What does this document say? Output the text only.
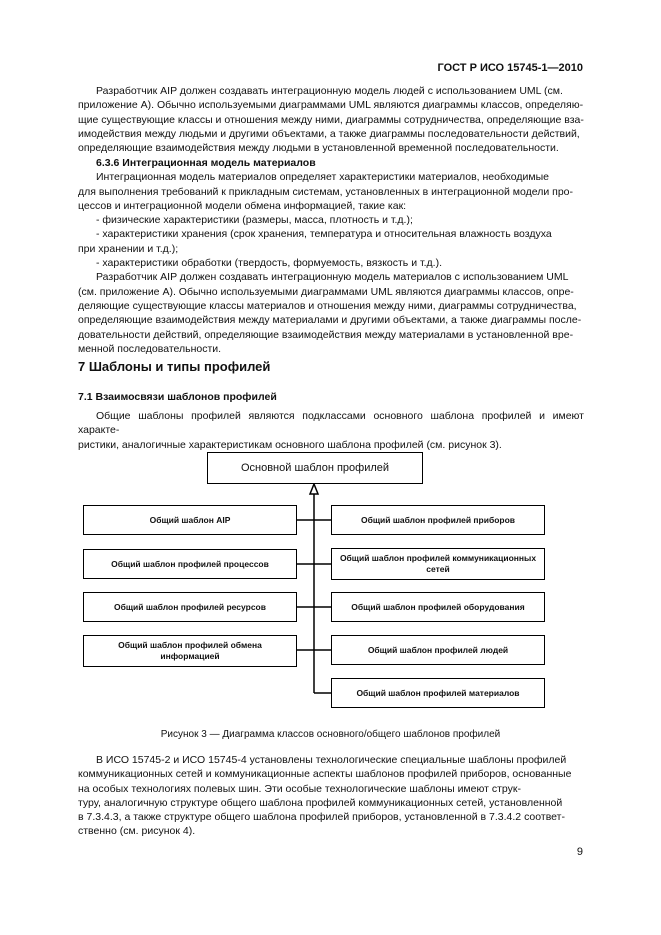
ГОСТ Р ИСО 15745-1—2010
Разработчик AIP должен создавать интеграционную модель людей с использованием UML (см.
приложение А). Обычно используемыми диаграммами UML являются диаграммы классов, определяю-
щие существующие классы и отношения между ними, диаграммы сотрудничества, определяющие вза-
имодействия между людьми и другими объектами, а также диаграммы последовательности действий,
определяющие взаимодействия между людьми в установленной временной последовательности.
6.3.6 Интеграционная модель материалов
Интеграционная модель материалов определяет характеристики материалов, необходимые
для выполнения требований к прикладным системам, установленных в интеграционной модели про-
цессов и интеграционной модели обмена информацией, такие как:
- физические характеристики (размеры, масса, плотность и т.д.);
- характеристики хранения (срок хранения, температура и относительная влажность воздуха
при хранении и т.д.);
- характеристики обработки (твердость, формуемость, вязкость и т.д.).
Разработчик AIP должен создавать интеграционную модель материалов с использованием UML
(см. приложение А). Обычно используемыми диаграммами UML являются диаграммы классов, опре-
деляющие существующие классы материалов и отношения между ними, диаграммы сотрудничества,
определяющие взаимодействия между материалами и другими объектами, а также диаграммы после-
довательности действий, определяющие взаимодействия между материалами в установленной вре-
менной последовательности.
7 Шаблоны и типы профилей
7.1 Взаимосвязи шаблонов профилей
Общие шаблоны профилей являются подклассами основного шаблона профилей и имеют характе-
ристики, аналогичные характеристикам основного шаблона профилей (см. рисунок 3).
Основной шаблон профилей
Общий шаблон AIP
Общий шаблон профилей процессов
Общий шаблон профилей ресурсов
Общий шаблон профилей обмена информацией
Общий шаблон профилей приборов
Общий шаблон профилей коммуникационных сетей
Общий шаблон профилей оборудования
Общий шаблон профилей людей
Общий шаблон профилей материалов
Рисунок 3 — Диаграмма классов основного/общего шаблонов профилей
В ИСО 15745-2 и ИСО 15745-4 установлены технологические специальные шаблоны профилей
коммуникационных сетей и коммуникационные аспекты шаблонов профилей приборов, основанные
на особых технологиях полевых шин. Эти особые технологические шаблоны имеют струк-
туру, аналогичную структуре общего шаблона профилей коммуникационных сетей, установленной
в 7.3.4.3, а также структуре общего шаблона профилей приборов, установленной в 7.3.4.2 соответ-
ственно (см. рисунок 4).
9
